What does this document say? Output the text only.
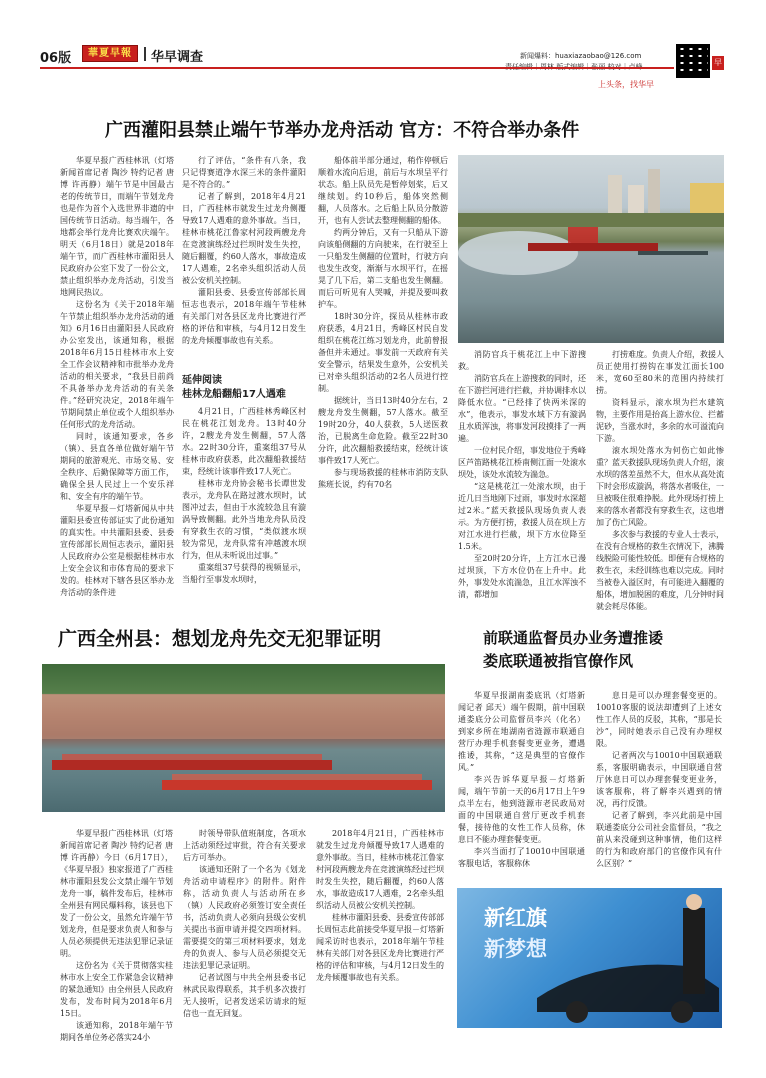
06版	華夏早報	华早调查	新闻爆料：huaxiazaobao@126.com
早
上头条，找华早
广西灌阳县禁止端午节举办龙舟活动 官方：不符合举办条件

华夏早报广西桂林讯（灯塔新闻首席记者 陶沙 特约记者 唐博 许再静）端午节是中国最古老的传统节日，而端午节划龙舟也是作为首个入选世界非遗的中国传统节日活动。每当端午，各地都会举行龙舟比赛欢庆端午。明天（6月18日）就是2018年端午节，而广西桂林市灌阳县人民政府办公室下发了一份公文，禁止组织举办龙舟活动，引发当地网民热议。

这份名为《关于2018年端午节禁止组织举办龙舟活动的通知》6月16日由灌阳县人民政府办公室发出，该通知称，根据2018年6月15日桂林市水上安全工作会议精神和市批举办龙舟活动的相关要求，“我县目前尚不具备举办龙舟活动的有关条件。”经研究决定，2018年端午节期间禁止单位或个人组织举办任何形式的龙舟活动。

同时，该通知要求，各乡（镇）、县直各单位做好端午节期间的旅游观光、市场交易、安全秩序、后勤保障等方面工作，确保全县人民过上一个安乐祥和、安全有序的端午节。

华夏早报－灯塔新闻从中共灌阳县委宣传部证实了此份通知的真实性。中共灌阳县委、县委宣传部部长周恒志表示，灌阳县人民政府办公室是根据桂林市水上安全会议和市体育局的要求下发的。桂林对下辖各县区举办龙舟活动的条件进

行了评估，“条件有八条，我只记得赛道净水深三米的条件灌阳是不符合的。”

记者了解到，2018年4月21日，广西桂林市就发生过龙舟侧覆导致17人遇难的意外事故。当日，桂林市桃花江鲁家村河段两艘龙舟在竞渡演练经过拦坝时发生失控，随后翻覆，约60人落水，事故造成17人遇难，2名牵头组织活动人员被公安机关控制。

灌阳县委、县委宣传部部长周恒志也表示，2018年端午节桂林有关部门对各县区龙舟比赛进行严格的评估和审核，与4月12日发生的龙舟倾覆事故也有关系。

延伸阅读
桂林龙船翻船17人遇难

4月21日，广西桂林秀峰区村民在桃花江划龙舟。13时40分许，2艘龙舟发生侧翻，57人落水。22时30分许，重案组37号从桂林市政府获悉，此次翻船救援结束，经统计该事件致17人死亡。

桂林市龙舟协会秘书长谭世发表示，龙舟队在路过渡水坝时，试图冲过去，但由于水流较急且有漩涡导致侧翻。此外当地龙舟队员没有穿救生衣的习惯，“类似渡水坝较为常见，龙舟队常有冲越渡水坝行为，但从未听说出过事。”

重案组37号获得的视频显示，当船行至事发水坝时，

船体前半部分通过，稍作停顿后顺着水流向后退，前后与水坝呈平行状态。船上队员先是暂停划桨，后又继续划。约10秒后，船体突然侧翻，人员落水。之后船上队员分散游开，也有人尝试去整理侧翻的船体。

约两分钟后，又有一只船从下游向该船侧翻的方向驶来，在行驶至上一只船发生侧翻的位置时，行驶方向也发生改变，渐渐与水坝平行，在摇晃了几下后，第二支船也发生侧翻。而后可听见有人哭喊，并提及要叫救护车。

18时30分许，探员从桂林市政府获悉，4月21日，秀峰区村民自发组织在桃花江练习划龙舟，此前曾报备但并未通过。事发前一天政府有关安全警示，结果发生意外，公安机关已对牵头组织活动的2名人员进行控制。

据统计，当日13时40分左右，2艘龙舟发生侧翻，57人落水。截至19时20分，40人获救，5人送医救治，已脱离生命危险。截至22时30分许，此次翻船救援结束，经统计该事件致17人死亡。

参与现场救援的桂林市消防支队熊班长说，约有70名

消防官兵于桃花江上中下游搜救。

消防官兵在上游搜救的同时，还在下游拦河进行拦截，并协调排水以降低水位。“已经排了快两米深的水”，他表示，事发水域下方有漩涡且水质浑浊，将事发河段摸排了一两遍。

一位村民介绍，事发地位于秀峰区芦笛路桃花江桥南侧江面一处滚水坝处，该处水流较为湍急。

“这是桃花江一处滚水坝，由于近几日当地刚下过雨，事发时水深超过2米。”蓝天救援队现场负责人表示。为方便打捞，救援人员在坝上方对江水进行拦截，坝下方水位降至1.5米。

至20时20分许，上方江水已漫过坝顶，下方水位仍在上升中。此外，事发处水流湍急，且江水浑浊不清，都增加

打捞难度。负责人介绍，救援人员正使用打捞钩在事发江面长100米，宽60至80米的范围内持续打捞。

资料显示，滚水坝为拦水建筑物，主要作用是抬高上游水位、拦蓄泥砂，当涨水时，多余的水可溢流向下游。

滚水坝处落水为何伤亡如此惨重？蓝天救援队现场负责人介绍，滚水坝的落差虽然不大，但水从高处流下时会形成漩涡，将落水者吸住，一旦被吸住很难挣脱。此外现场打捞上来的落水者都没有穿救生衣，这也增加了伤亡风险。

多次参与救援的专业人士表示，在没有合规格的救生衣情况下，沸腾线脱险可能性较低。即便有合规格的救生衣，未经训练也难以完成。同时当被卷入溢区时，有可能进入翻覆的船体，增加脱困的难度，几分钟时间就会耗尽体能。

广西全州县：想划龙舟先交无犯罪证明

华夏早报广西桂林讯（灯塔新闻首席记者 陶沙 特约记者 唐博 许再静）今日（6月17日），《华夏早报》独家报道了广西桂林市灌阳县发公文禁止端午节划龙舟一事，稿件发布后，桂林市全州县有网民爆料称，该县也下发了一份公文，虽然允许端午节划龙舟，但是要求负责人和参与人员必须提供无违法犯罪记录证明。

这份名为《关于贯彻落实桂林市水上安全工作紧急会议精神的紧急通知》由全州县人民政府发布，发布时间为2018年6月15日。

该通知称，2018年端午节期间各单位务必落实24小

时领导带队值班制度，各项水上活动须经过审批，符合有关要求后方可举办。

该通知还附了一个名为《划龙舟活动申请程序》的附件。附件称，活动负责人与活动所在乡（镇）人民政府必须签订安全责任书，活动负责人必须向县级公安机关提出书面申请并提交四项材料。需要提交的第三项材料要求，划龙舟的负责人、参与人员必须提交无违法犯罪记录证明。

记者试图与中共全州县委书记林武民取得联系，其手机多次拨打无人接听，记者发送采访请求的短信也一直无回复。

2018年4月21日，广西桂林市就发生过龙舟倾覆导致17人遇难的意外事故。当日，桂林市桃花江鲁家村河段两艘龙舟在竞渡演练经过拦坝时发生失控，随后翻覆，约60人落水，事故造成17人遇难，2名牵头组织活动人员被公安机关控制。

桂林市灌阳县委、县委宣传部部长周恒志此前接受华夏早报－灯塔新闻采访时也表示，2018年端午节桂林有关部门对各县区龙舟比赛进行严格的评估和审核，与4月12日发生的龙舟倾覆事故也有关系。

前联通监督员办业务遭推诿
娄底联通被指官僚作风

华夏早报湖南娄底讯（灯塔新闻记者 邱天）端午假期，前中国联通娄底分公司监督员李兴（化名）到家乡所在地湖南省涟源市联通自营厅办理手机套餐变更业务，遭遇推诿，其称，“这是典型的官僚作风。”

李兴告诉华夏早报－灯塔新闻，端午节前一天的6月17日上午9点半左右，他到涟源市老民政局对面的中国联通自营厅更改手机套餐，接待他的女性工作人员称，休息日不能办理套餐变更。

李兴当面打了10010中国联通客服电话，客服称休

息日是可以办理套餐变更的。10010客服的说法却遭到了上述女性工作人员的反驳，其称，“那是长沙”，同时她表示自己没有办理权限。

记者两次与10010中国联通联系，客服明确表示，中国联通自营厅休息日可以办理套餐变更业务，该客服称，将了解李兴遇到的情况，再行反馈。

记者了解到，李兴此前是中国联通娄底分公司社会监督员，“我之前从来没碰到这种事情，他们这样的行为和政府部门的官僚作风有什么区别？”

新红旗
新梦想
